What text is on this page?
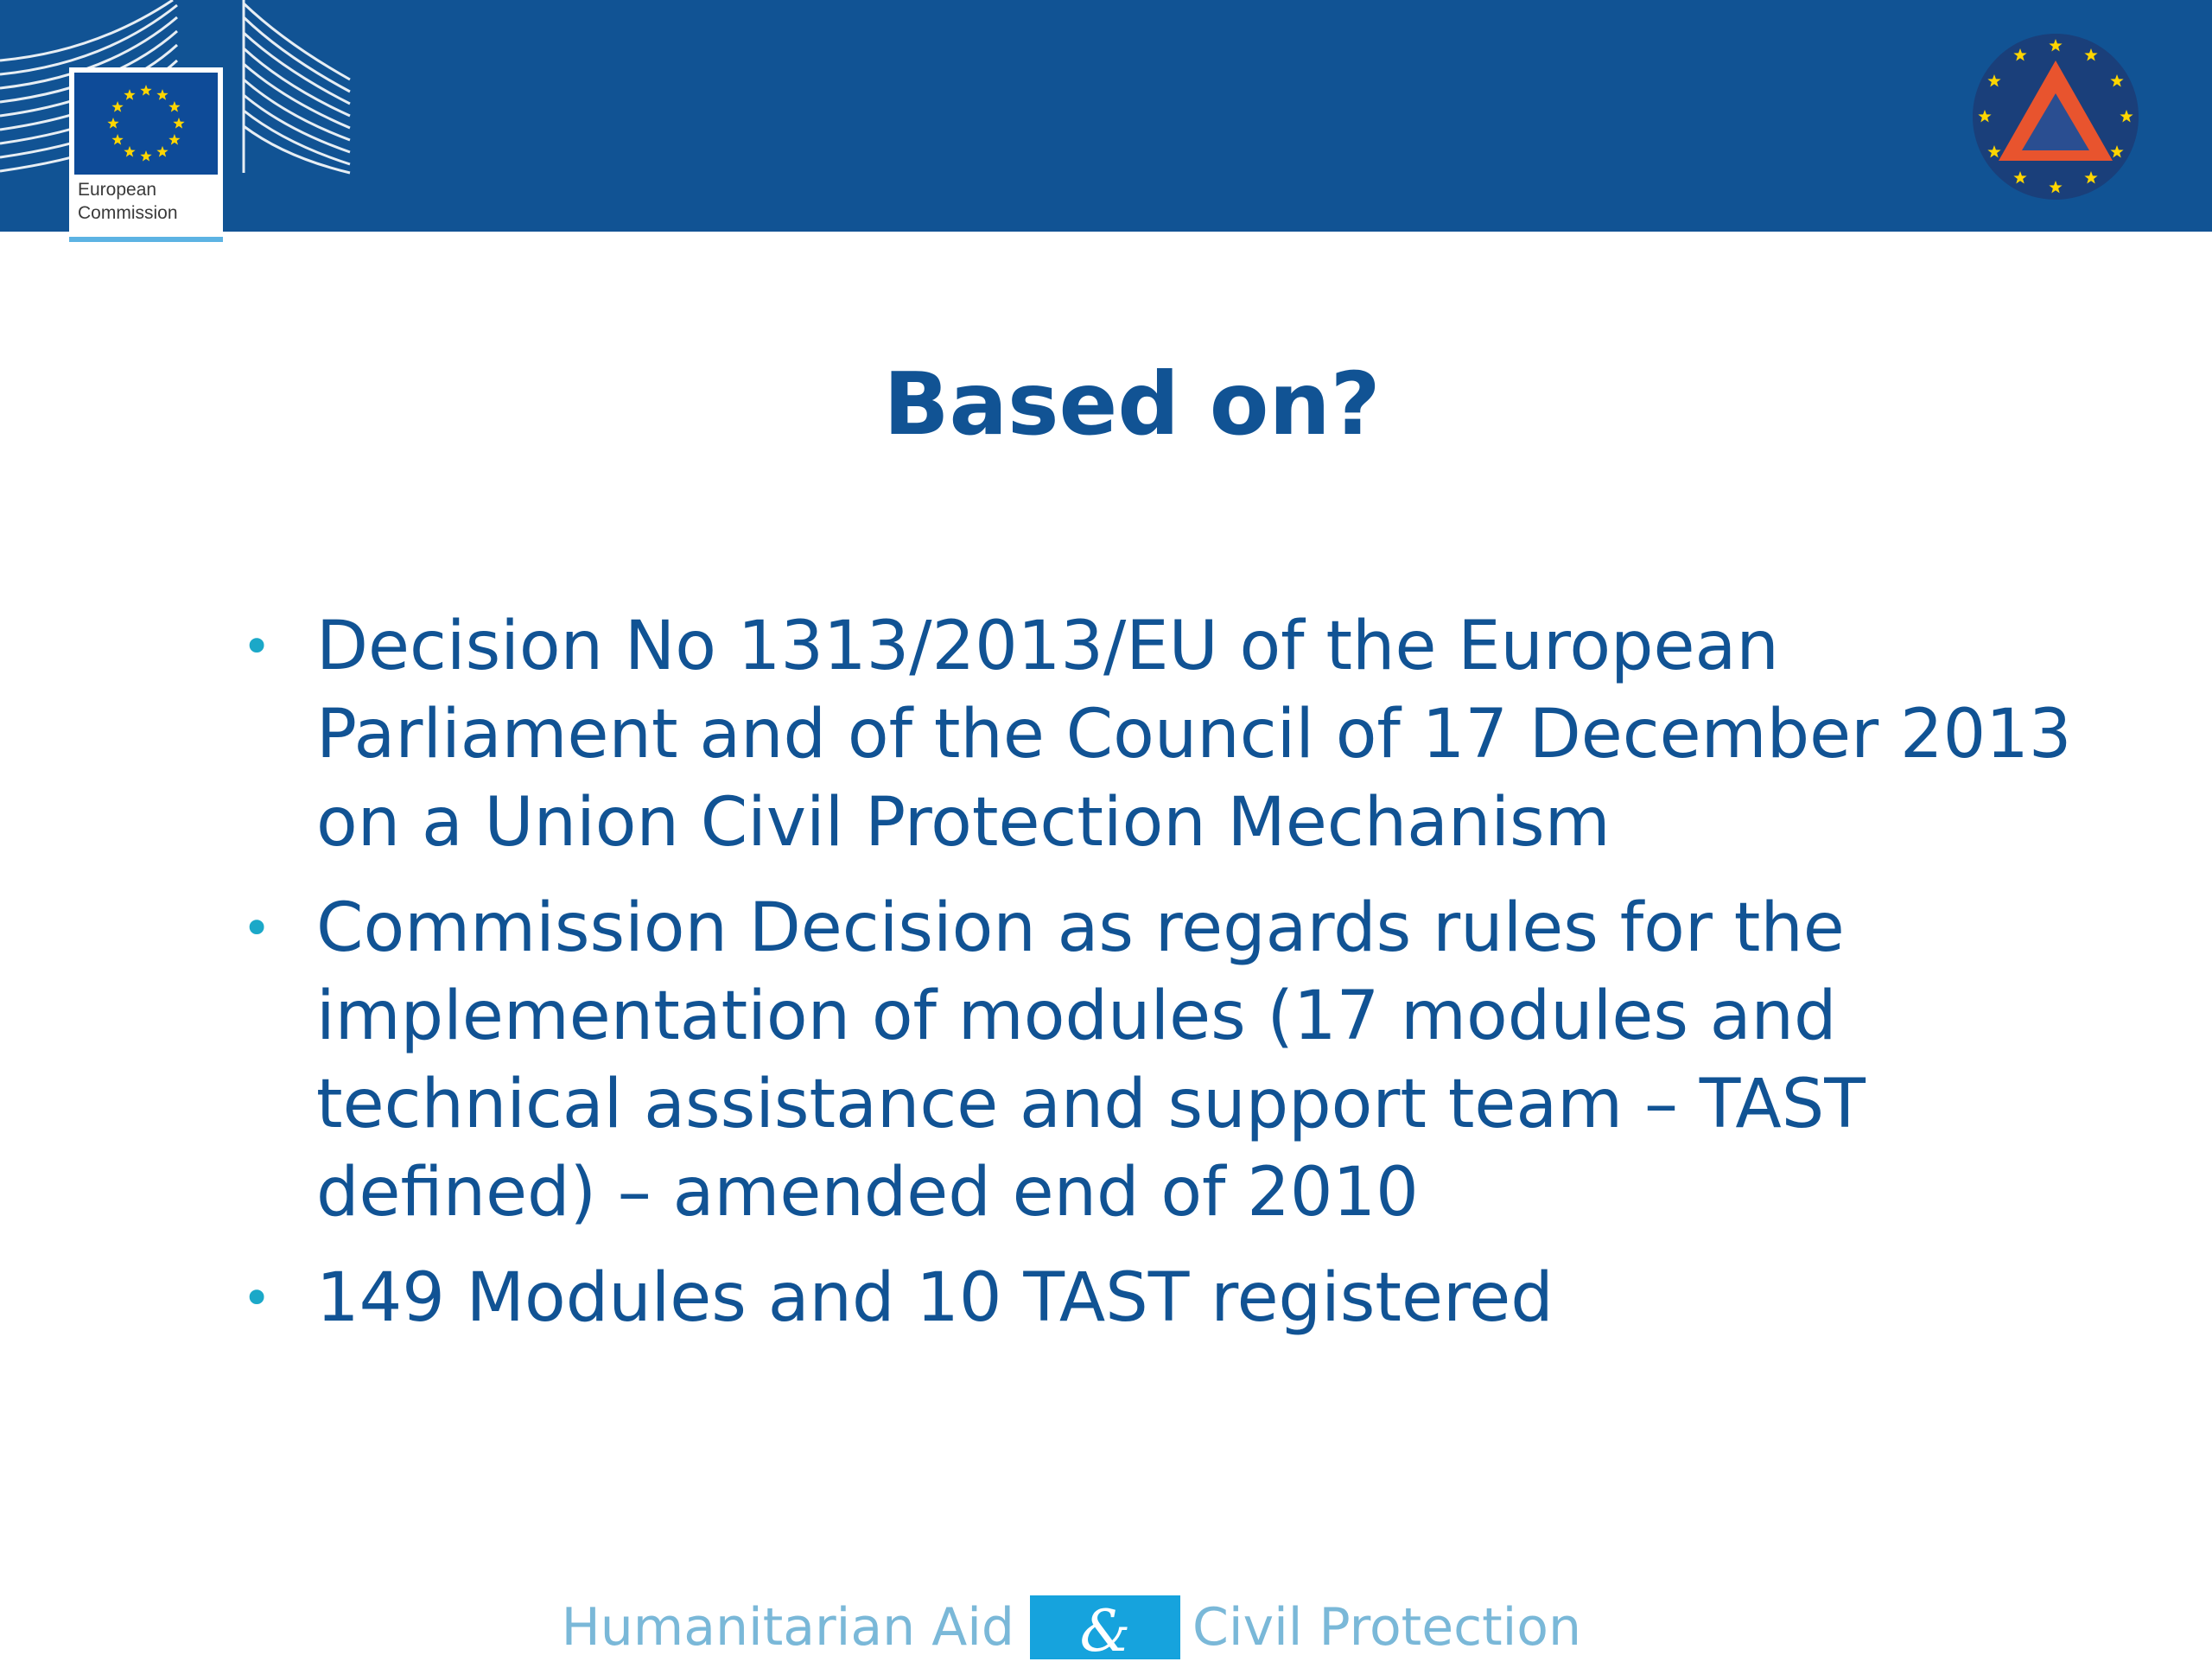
European
Commission
Based on?
• Decision No 1313/2013/EU of the European Parliament and of the Council of 17 December 2013 on a Union Civil Protection Mechanism
• Commission Decision as regards rules for the implementation of modules (17 modules and technical assistance and support team – TAST defined) – amended end of 2010
• 149 Modules and 10 TAST registered
Humanitarian Aid	&	Civil Protection
